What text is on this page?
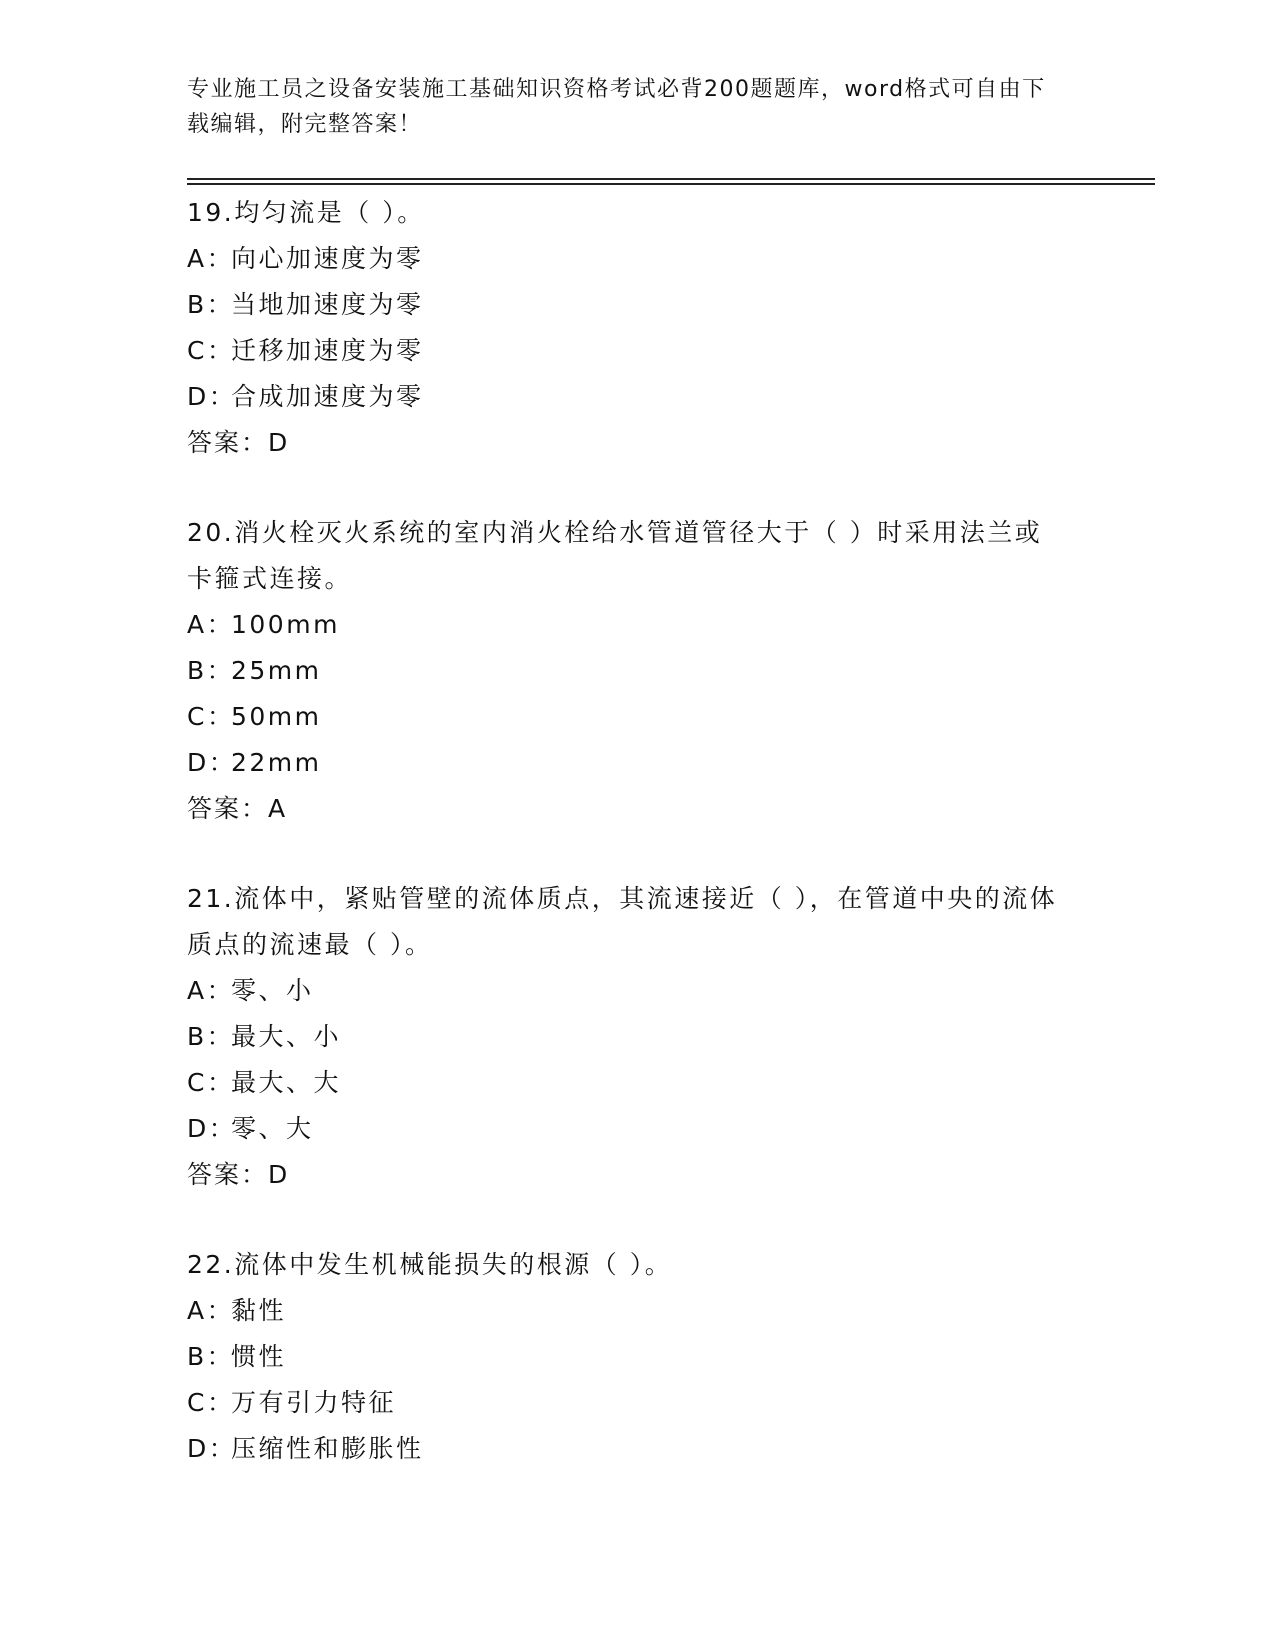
专业施工员之设备安装施工基础知识资格考试必背200题题库，word格式可自由下载编辑，附完整答案！
19.均匀流是（ ）。
A：向心加速度为零
B：当地加速度为零
C：迁移加速度为零
D：合成加速度为零
答案：D
20.消火栓灭火系统的室内消火栓给水管道管径大于（ ）时采用法兰或卡箍式连接。
A：100mm
B：25mm
C：50mm
D：22mm
答案：A
21.流体中，紧贴管壁的流体质点，其流速接近（ ），在管道中央的流体质点的流速最（ ）。
A：零、小
B：最大、小
C：最大、大
D：零、大
答案：D
22.流体中发生机械能损失的根源（ ）。
A：黏性
B：惯性
C：万有引力特征
D：压缩性和膨胀性
